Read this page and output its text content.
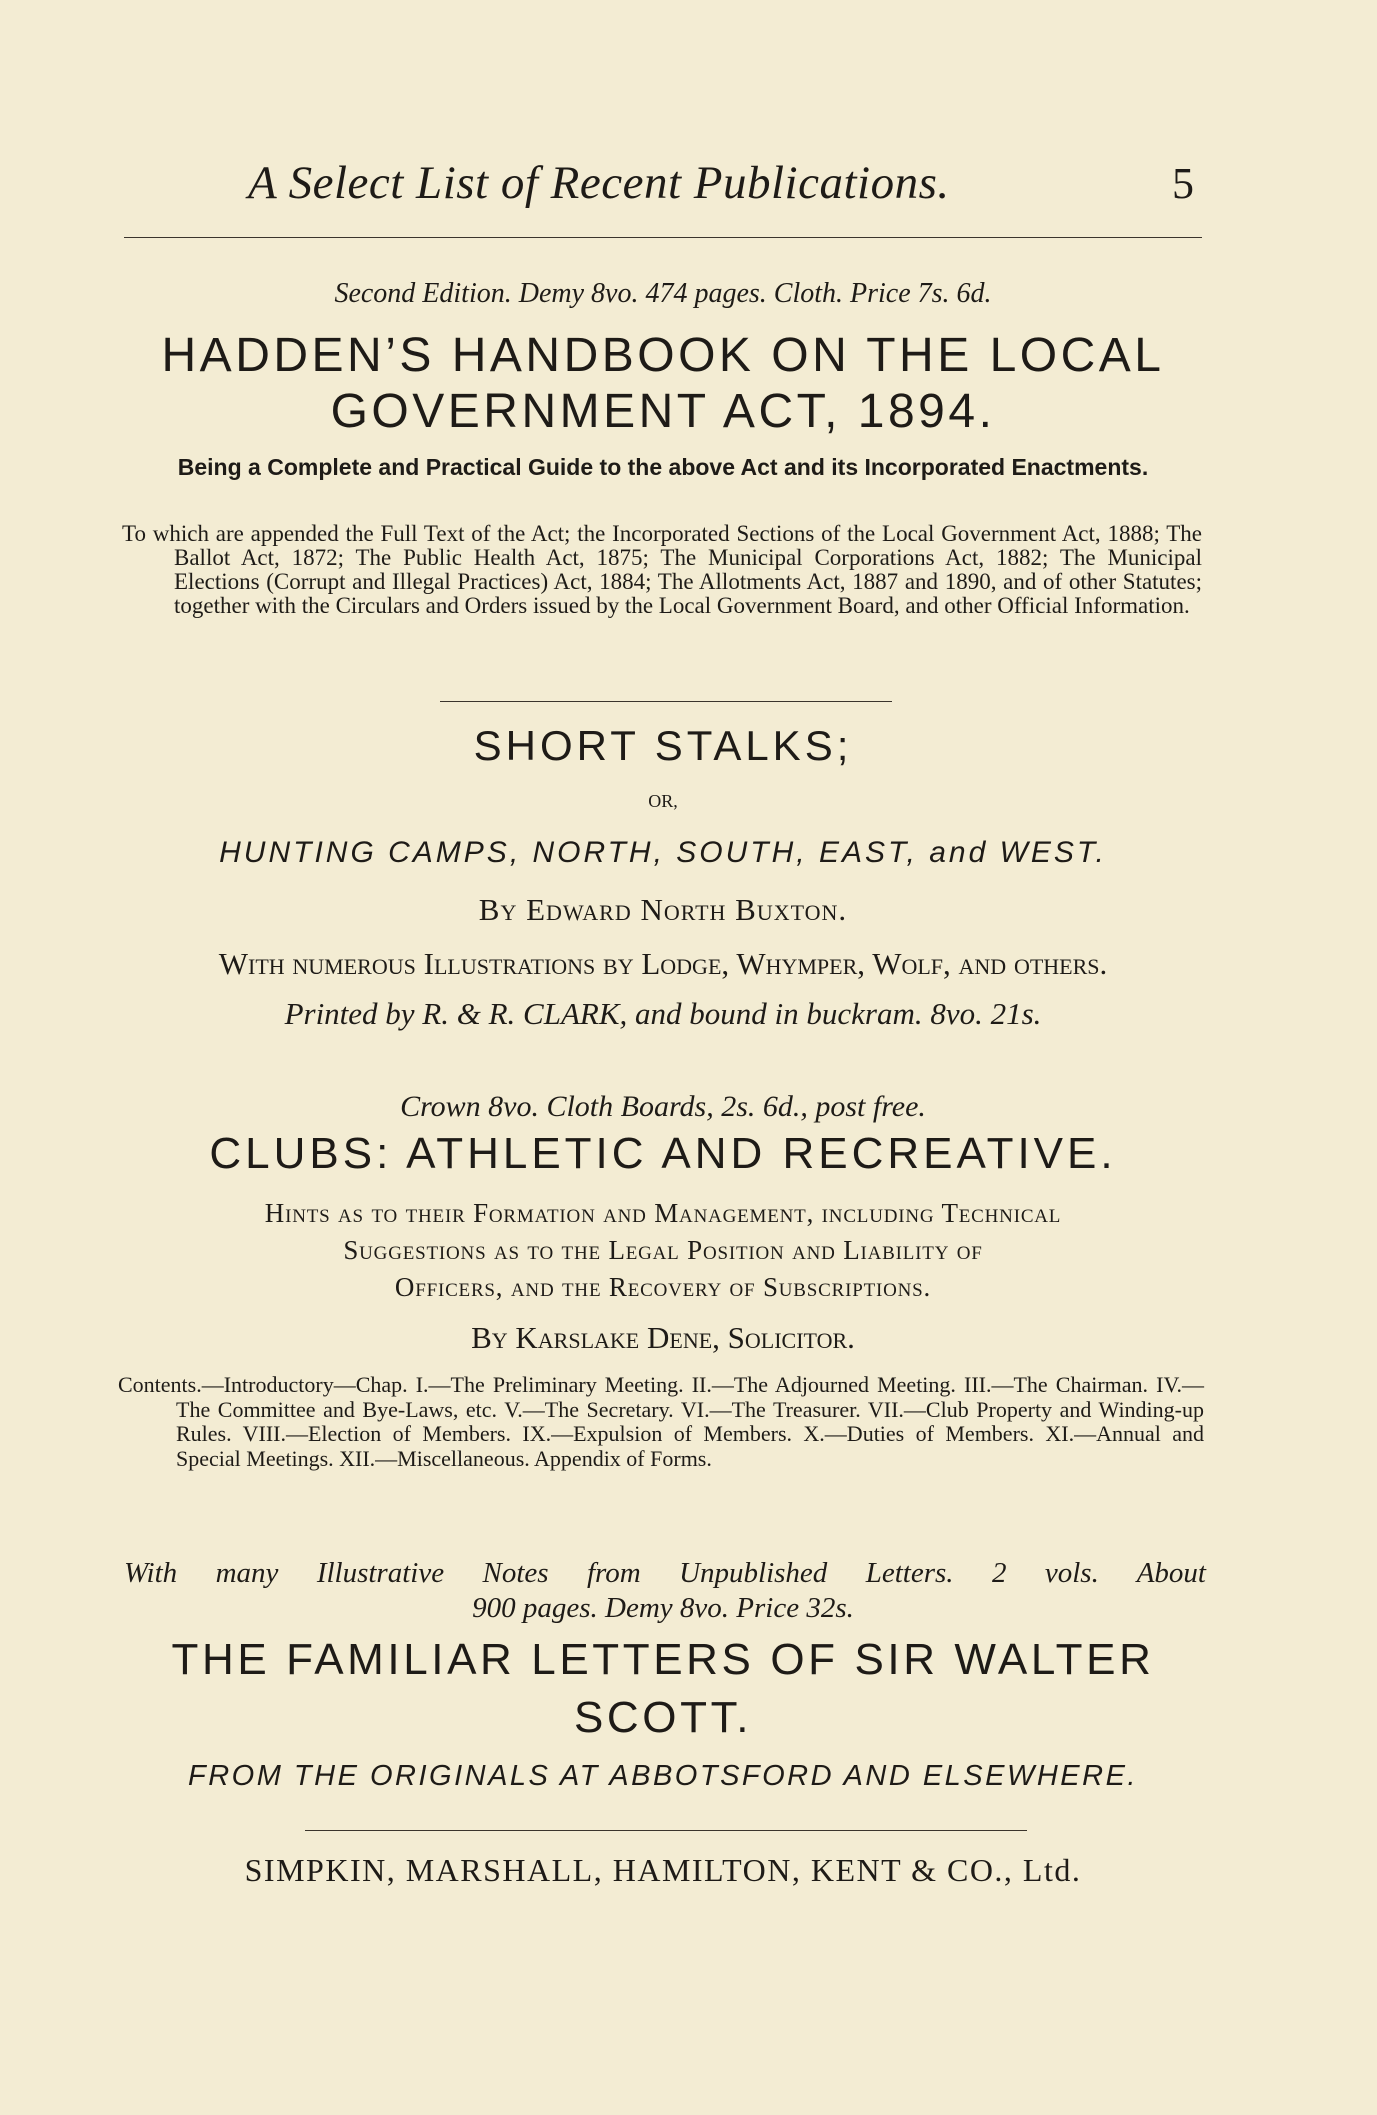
A Select List of Recent Publications.	5
Second Edition. Demy 8vo. 474 pages. Cloth. Price 7s. 6d.
HADDEN’S HANDBOOK ON THE LOCAL
GOVERNMENT ACT, 1894.
Being a Complete and Practical Guide to the above Act and its Incorporated Enactments.
To which are appended the Full Text of the Act; the Incorporated Sections of the Local Government Act, 1888; The Ballot Act, 1872; The Public Health Act, 1875; The Municipal Corporations Act, 1882; The Municipal Elections (Corrupt and Illegal Practices) Act, 1884; The Allotments Act, 1887 and 1890, and of other Statutes; together with the Circulars and Orders issued by the Local Government Board, and other Official Information.
SHORT STALKS;
OR,
HUNTING CAMPS, NORTH, SOUTH, EAST, and WEST.
By Edward North Buxton.
With numerous Illustrations by Lodge, Whymper, Wolf, and others.
Printed by R. & R. CLARK, and bound in buckram. 8vo. 21s.
Crown 8vo. Cloth Boards, 2s. 6d., post free.
CLUBS: ATHLETIC AND RECREATIVE.
Hints as to their Formation and Management, including Technical
Suggestions as to the Legal Position and Liability of
Officers, and the Recovery of Subscriptions.
By Karslake Dene, Solicitor.
Contents.—Introductory—Chap. I.—The Preliminary Meeting. II.—The Adjourned Meeting. III.—The Chairman. IV.—The Committee and Bye-Laws, etc. V.—The Secretary. VI.—The Treasurer. VII.—Club Property and Winding-up Rules. VIII.—Election of Members. IX.—Expulsion of Members. X.—Duties of Members. XI.—Annual and Special Meetings. XII.—Miscellaneous. Appendix of Forms.
With many Illustrative Notes from Unpublished Letters. 2 vols. About
900 pages. Demy 8vo. Price 32s.
THE FAMILIAR LETTERS OF SIR WALTER
SCOTT.
FROM THE ORIGINALS AT ABBOTSFORD AND ELSEWHERE.
SIMPKIN, MARSHALL, HAMILTON, KENT & CO., Ltd.
